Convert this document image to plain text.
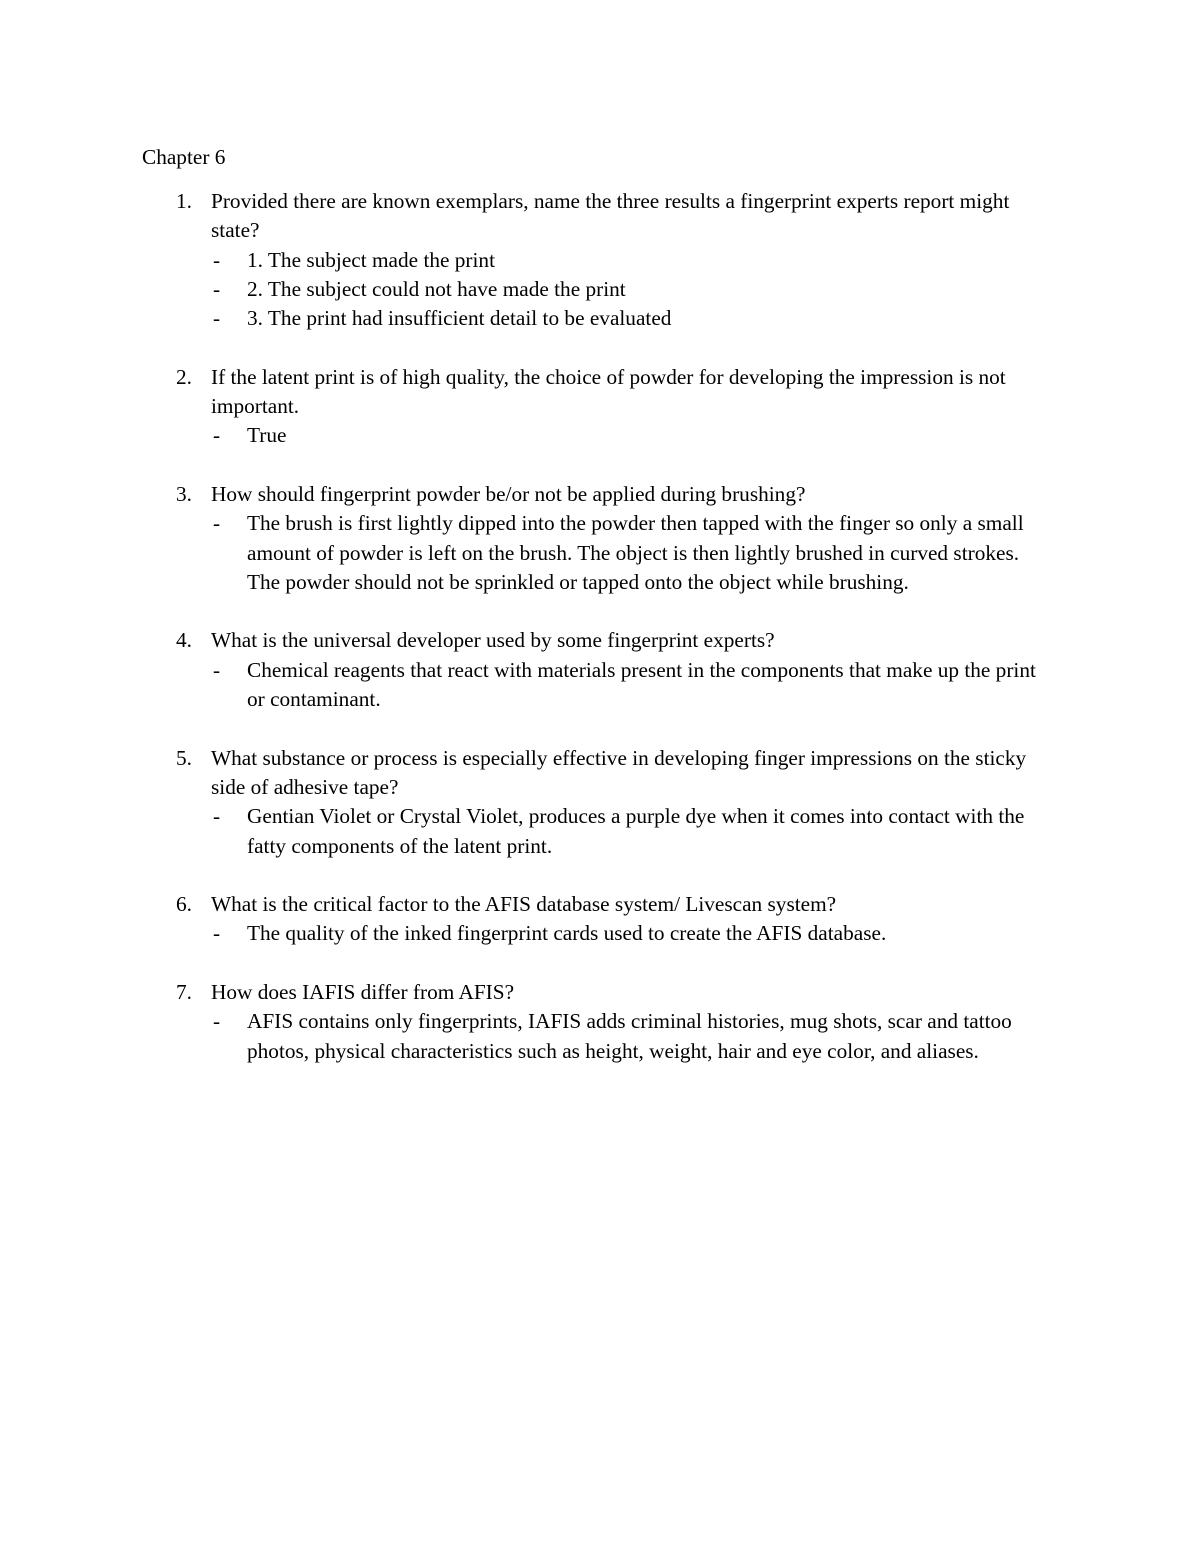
Chapter 6
1. Provided there are known exemplars, name the three results a fingerprint experts report might state?
- 1. The subject made the print
- 2. The subject could not have made the print
- 3. The print had insufficient detail to be evaluated
2. If the latent print is of high quality, the choice of powder for developing the impression is not important.
- True
3. How should fingerprint powder be/or not be applied during brushing?
- The brush is first lightly dipped into the powder then tapped with the finger so only a small amount of powder is left on the brush. The object is then lightly brushed in curved strokes. The powder should not be sprinkled or tapped onto the object while brushing.
4. What is the universal developer used by some fingerprint experts?
- Chemical reagents that react with materials present in the components that make up the print or contaminant.
5. What substance or process is especially effective in developing finger impressions on the sticky side of adhesive tape?
- Gentian Violet or Crystal Violet, produces a purple dye when it comes into contact with the fatty components of the latent print.
6. What is the critical factor to the AFIS database system/ Livescan system?
- The quality of the inked fingerprint cards used to create the AFIS database.
7. How does IAFIS differ from AFIS?
- AFIS contains only fingerprints, IAFIS adds criminal histories, mug shots, scar and tattoo photos, physical characteristics such as height, weight, hair and eye color, and aliases.
